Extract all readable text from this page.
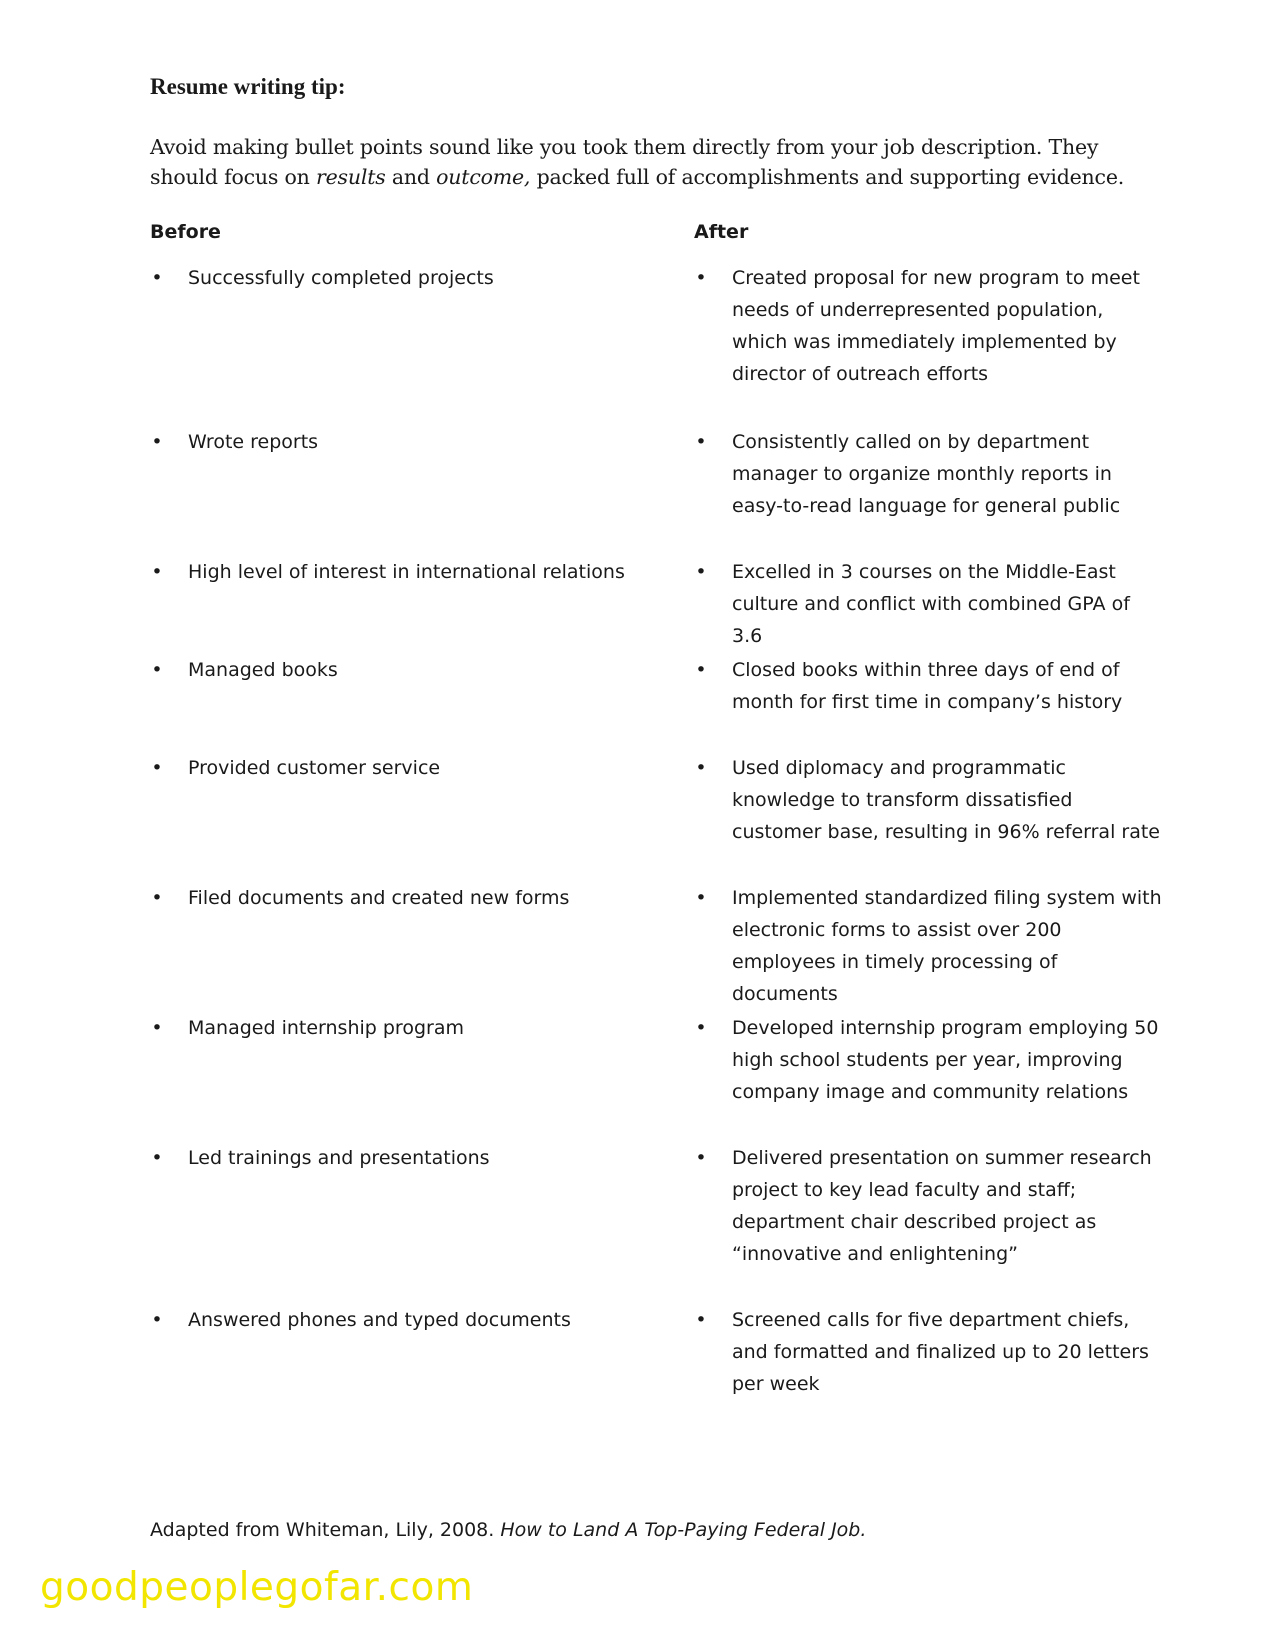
Resume writing tip:
Avoid making bullet points sound like you took them directly from your job description. They should focus on results and outcome, packed full of accomplishments and supporting evidence.
Before	After
• Successfully completed projects	• Created proposal for new program to meet needs of underrepresented population, which was immediately implemented by director of outreach efforts
• Wrote reports	• Consistently called on by department manager to organize monthly reports in easy-to-read language for general public
• High level of interest in international relations	• Excelled in 3 courses on the Middle-East culture and conflict with combined GPA of 3.6
• Managed books	• Closed books within three days of end of month for first time in company’s history
• Provided customer service	• Used diplomacy and programmatic knowledge to transform dissatisfied customer base, resulting in 96% referral rate
• Filed documents and created new forms	• Implemented standardized filing system with electronic forms to assist over 200 employees in timely processing of documents
• Managed internship program	• Developed internship program employing 50 high school students per year, improving company image and community relations
• Led trainings and presentations	• Delivered presentation on summer research project to key lead faculty and staff; department chair described project as “innovative and enlightening”
• Answered phones and typed documents	• Screened calls for five department chiefs, and formatted and finalized up to 20 letters per week
Adapted from Whiteman, Lily, 2008. How to Land A Top-Paying Federal Job.
goodpeoplegofar.com
